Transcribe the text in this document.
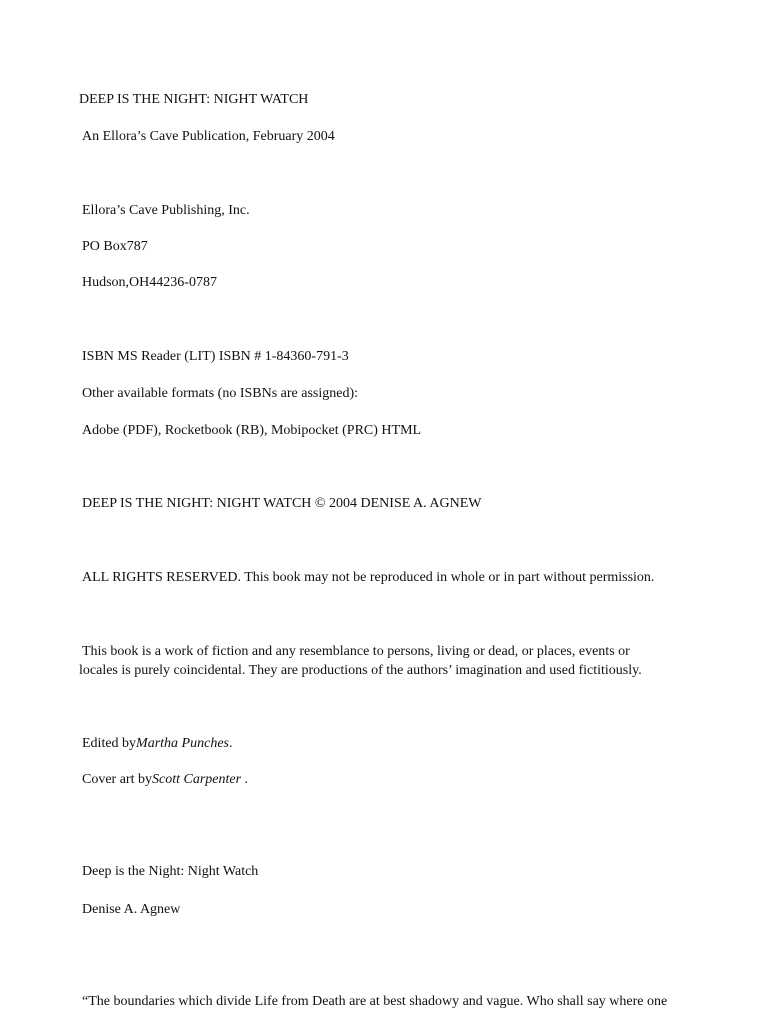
DEEP IS THE NIGHT: NIGHT WATCH
An Ellora’s Cave Publication, February 2004
Ellora’s Cave Publishing, Inc.
PO Box787
Hudson,OH44236-0787
ISBN MS Reader (LIT) ISBN # 1-84360-791-3
Other available formats (no ISBNs are assigned):
Adobe (PDF), Rocketbook (RB), Mobipocket (PRC) HTML
DEEP IS THE NIGHT: NIGHT WATCH © 2004 DENISE A. AGNEW
ALL RIGHTS RESERVED. This book may not be reproduced in whole or in part without permission.
This book is a work of fiction and any resemblance to persons, living or dead, or places, events or
locales is purely coincidental. They are productions of the authors’ imagination and used fictitiously.
Edited byMartha Punches.
Cover art byScott Carpenter .
Deep is the Night: Night Watch
Denise A. Agnew
“The boundaries which divide Life from Death are at best shadowy and vague. Who shall say where one
